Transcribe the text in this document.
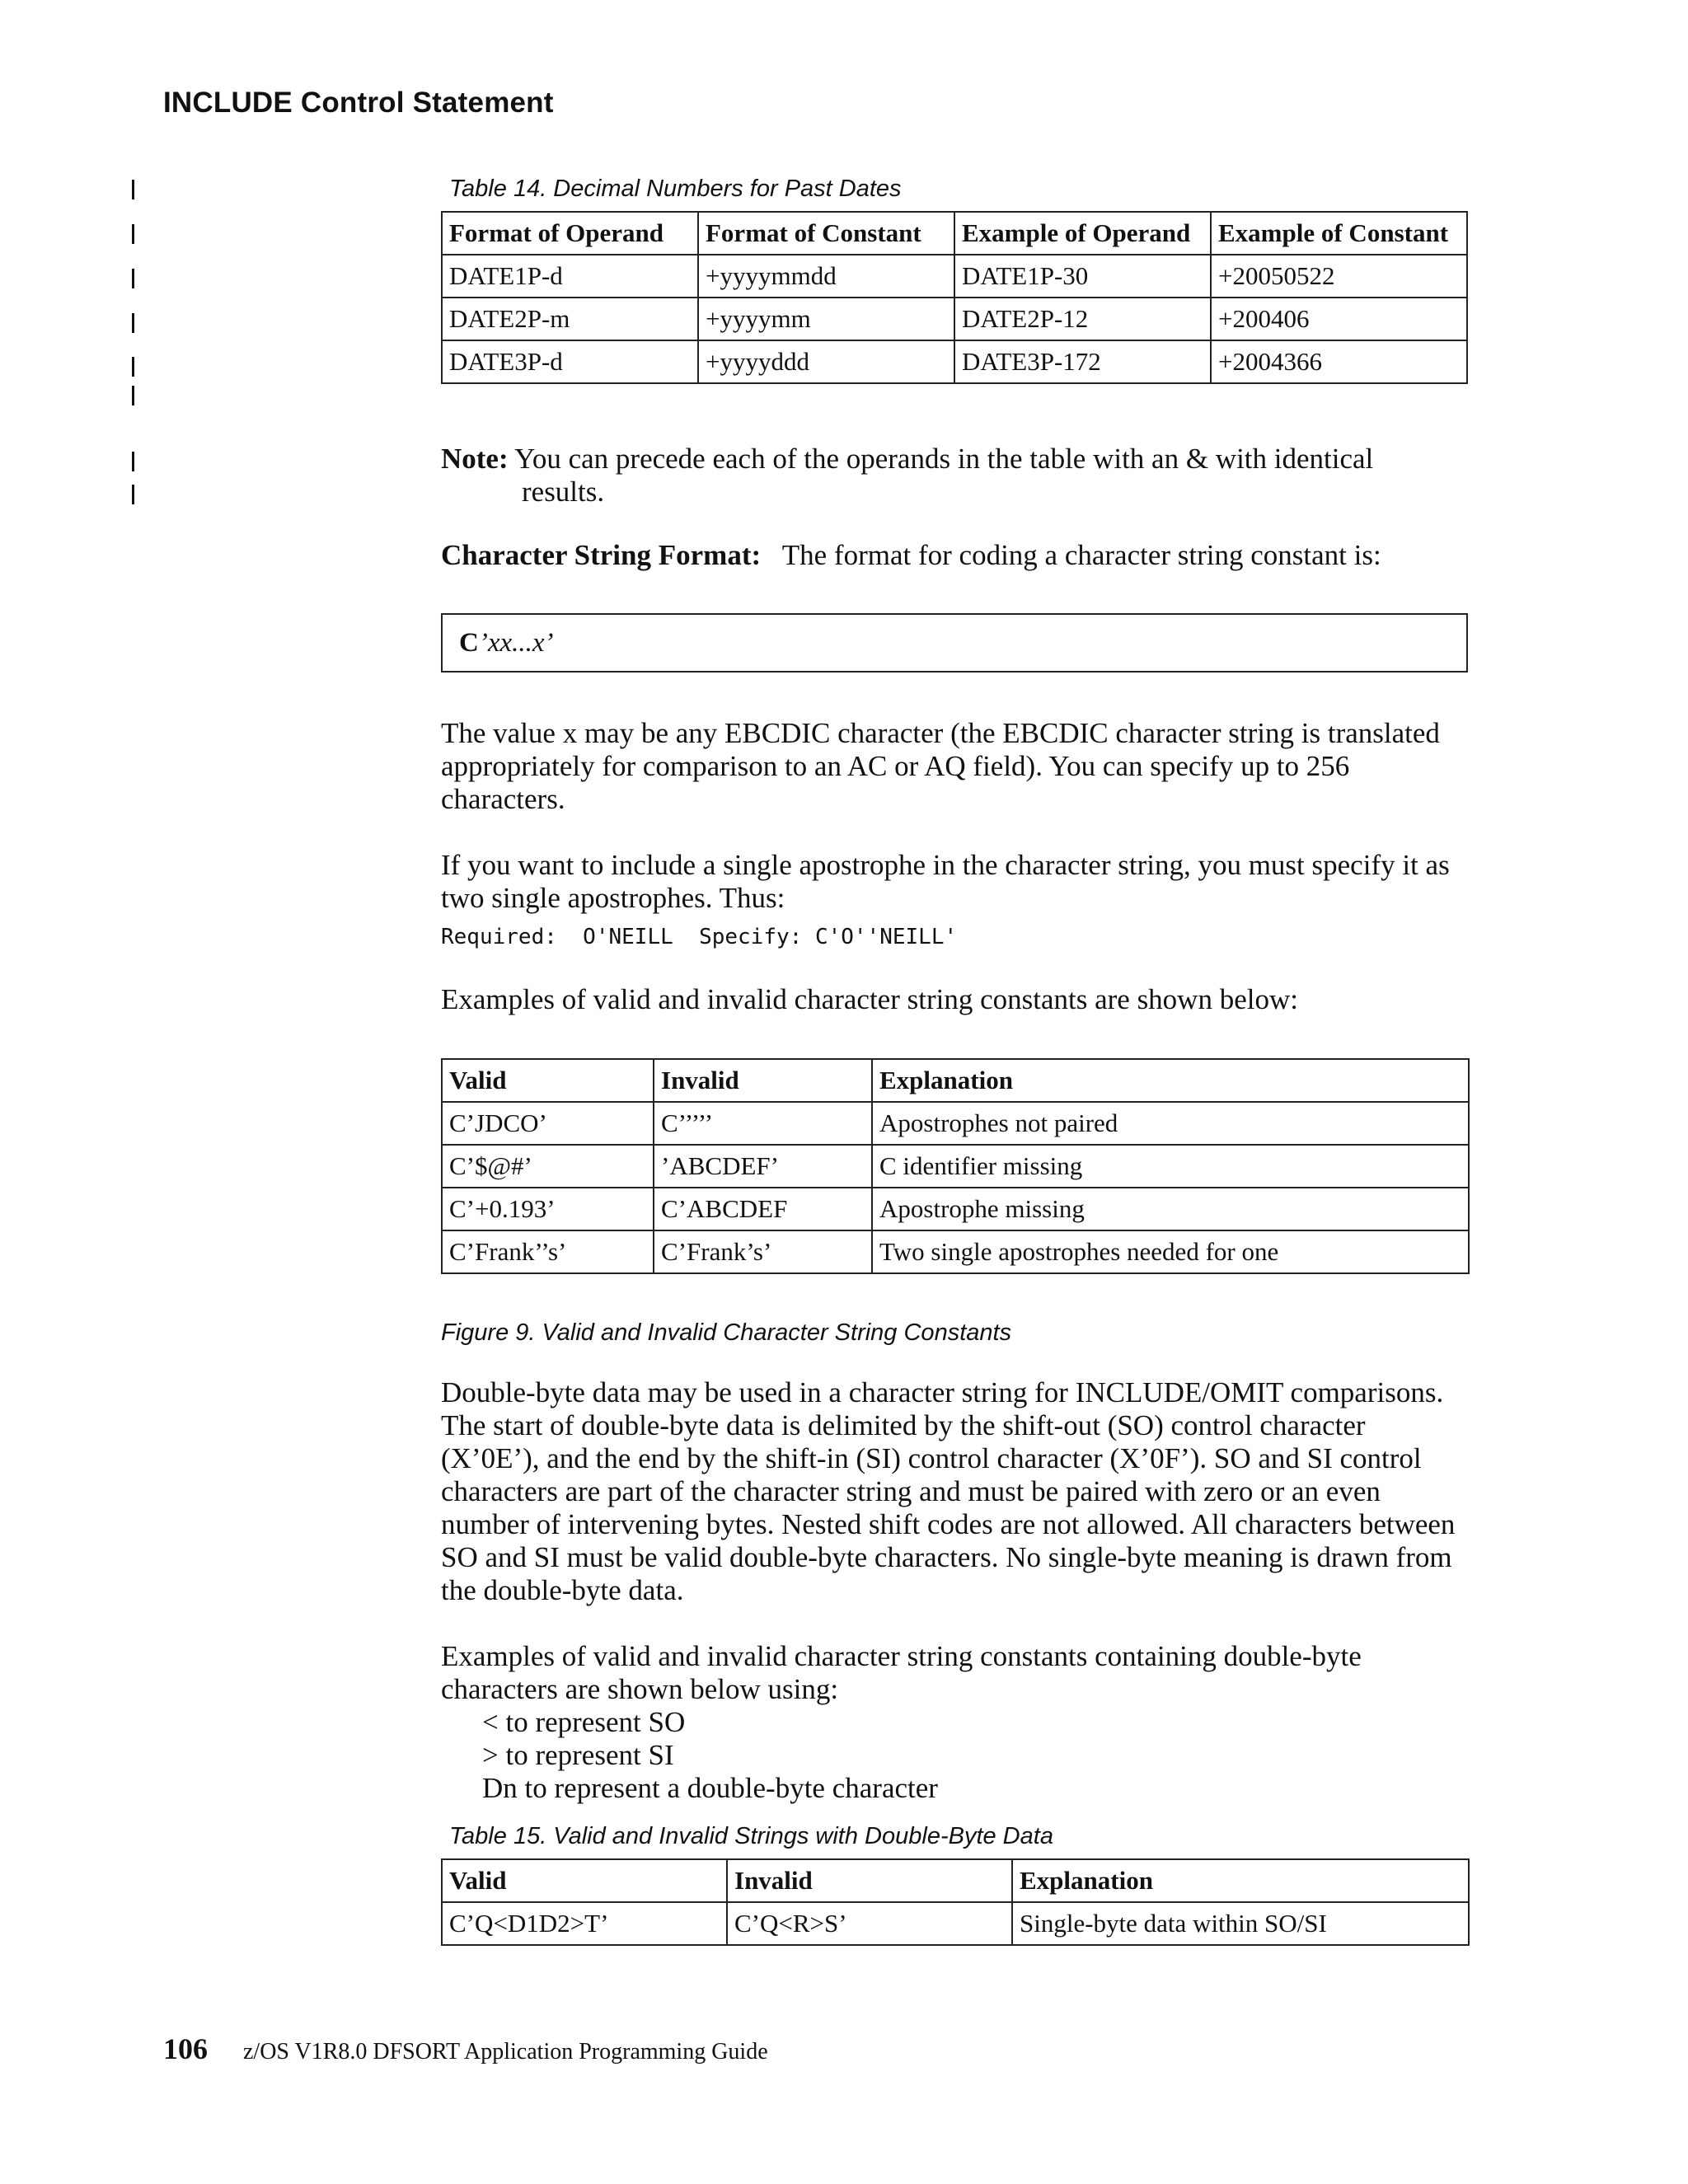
INCLUDE Control Statement
Table 14. Decimal Numbers for Past Dates
Format of Operand	Format of Constant	Example of Operand	Example of Constant
DATE1P-d	+yyyymmdd	DATE1P-30	+20050522
DATE2P-m	+yyyymm	DATE2P-12	+200406
DATE3P-d	+yyyyddd	DATE3P-172	+2004366
Note: You can precede each of the operands in the table with an & with identical
results.

Character String Format: The format for coding a character string constant is:

C’xx...x’

The value x may be any EBCDIC character (the EBCDIC character string is translated appropriately for comparison to an AC or AQ field). You can specify up to 256 characters.

If you want to include a single apostrophe in the character string, you must specify it as two single apostrophes. Thus:

Required:  O'NEILL  Specify: C'O''NEILL'

Examples of valid and invalid character string constants are shown below:

Valid	Invalid	Explanation
C’JDCO’	C’’’’’	Apostrophes not paired
C’$@#’	’ABCDEF’	C identifier missing
C’+0.193’	C’ABCDEF	Apostrophe missing
C’Frank’’s’	C’Frank’s’	Two single apostrophes needed for one
Figure 9. Valid and Invalid Character String Constants

Double-byte data may be used in a character string for INCLUDE/OMIT comparisons. The start of double-byte data is delimited by the shift-out (SO) control character (X’0E’), and the end by the shift-in (SI) control character (X’0F’). SO and SI control characters are part of the character string and must be paired with zero or an even number of intervening bytes. Nested shift codes are not allowed. All characters between SO and SI must be valid double-byte characters. No single-byte meaning is drawn from the double-byte data.

Examples of valid and invalid character string constants containing double-byte characters are shown below using:

< to represent SO
> to represent SI
Dn to represent a double-byte character
Table 15. Valid and Invalid Strings with Double-Byte Data
Valid	Invalid	Explanation
C’Q<D1D2>T’	C’Q<R>S’	Single-byte data within SO/SI
106 z/OS V1R8.0 DFSORT Application Programming Guide
